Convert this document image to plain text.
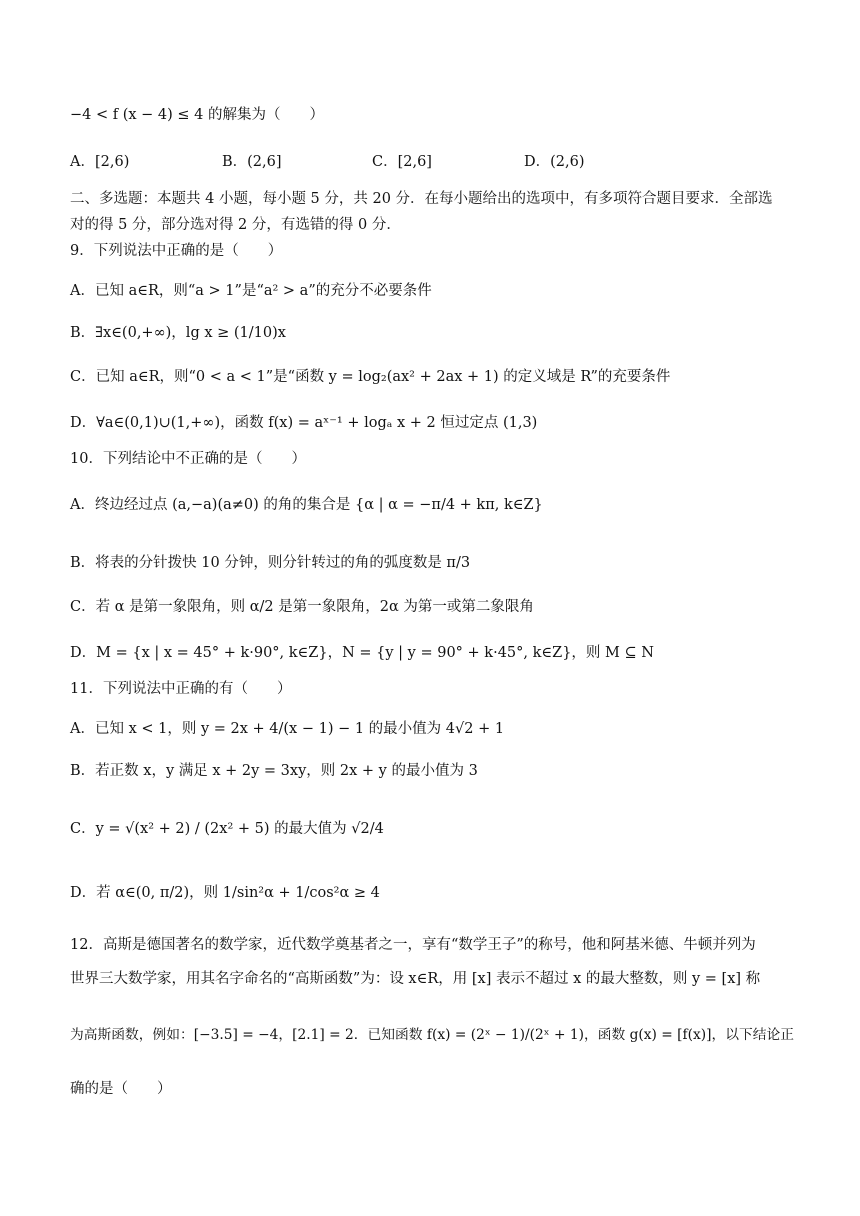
−4 < f (x − 4) ≤ 4 的解集为（　　）
A．[2,6)	B．(2,6]	C．[2,6]	D．(2,6)
二、多选题：本题共 4 小题，每小题 5 分，共 20 分．在每小题给出的选项中，有多项符合题目要求．全部选
对的得 5 分，部分选对得 2 分，有选错的得 0 分．
9．下列说法中正确的是（　　）
A．已知 a∈R，则“a > 1”是“a² > a”的充分不必要条件
B．∃x∈(0,+∞)，lg x ≥ (1/10)x
C．已知 a∈R，则“0 < a < 1”是“函数 y = log₂(ax² + 2ax + 1) 的定义域是 R”的充要条件
D．∀a∈(0,1)∪(1,+∞)，函数 f(x) = aˣ⁻¹ + logₐ x + 2 恒过定点 (1,3)
10．下列结论中不正确的是（　　）
A．终边经过点 (a,−a)(a≠0) 的角的集合是 {α | α = −π/4 + kπ, k∈Z}
B．将表的分针拨快 10 分钟，则分针转过的角的弧度数是 π/3
C．若 α 是第一象限角，则 α/2 是第一象限角，2α 为第一或第二象限角
D．M = {x | x = 45° + k·90°, k∈Z}，N = {y | y = 90° + k·45°, k∈Z}，则 M ⊆ N
11．下列说法中正确的有（　　）
A．已知 x < 1，则 y = 2x + 4/(x − 1) − 1 的最小值为 4√2 + 1
B．若正数 x，y 满足 x + 2y = 3xy，则 2x + y 的最小值为 3
C．y = √(x² + 2) / (2x² + 5) 的最大值为 √2/4
D．若 α∈(0, π/2)，则 1/sin²α + 1/cos²α ≥ 4
12．高斯是德国著名的数学家，近代数学奠基者之一，享有“数学王子”的称号，他和阿基米德、牛顿并列为
世界三大数学家，用其名字命名的“高斯函数”为：设 x∈R，用 [x] 表示不超过 x 的最大整数，则 y = [x] 称
为高斯函数，例如：[−3.5] = −4，[2.1] = 2．已知函数 f(x) = (2ˣ − 1)/(2ˣ + 1)，函数 g(x) = [f(x)]，以下结论正
确的是（　　）
